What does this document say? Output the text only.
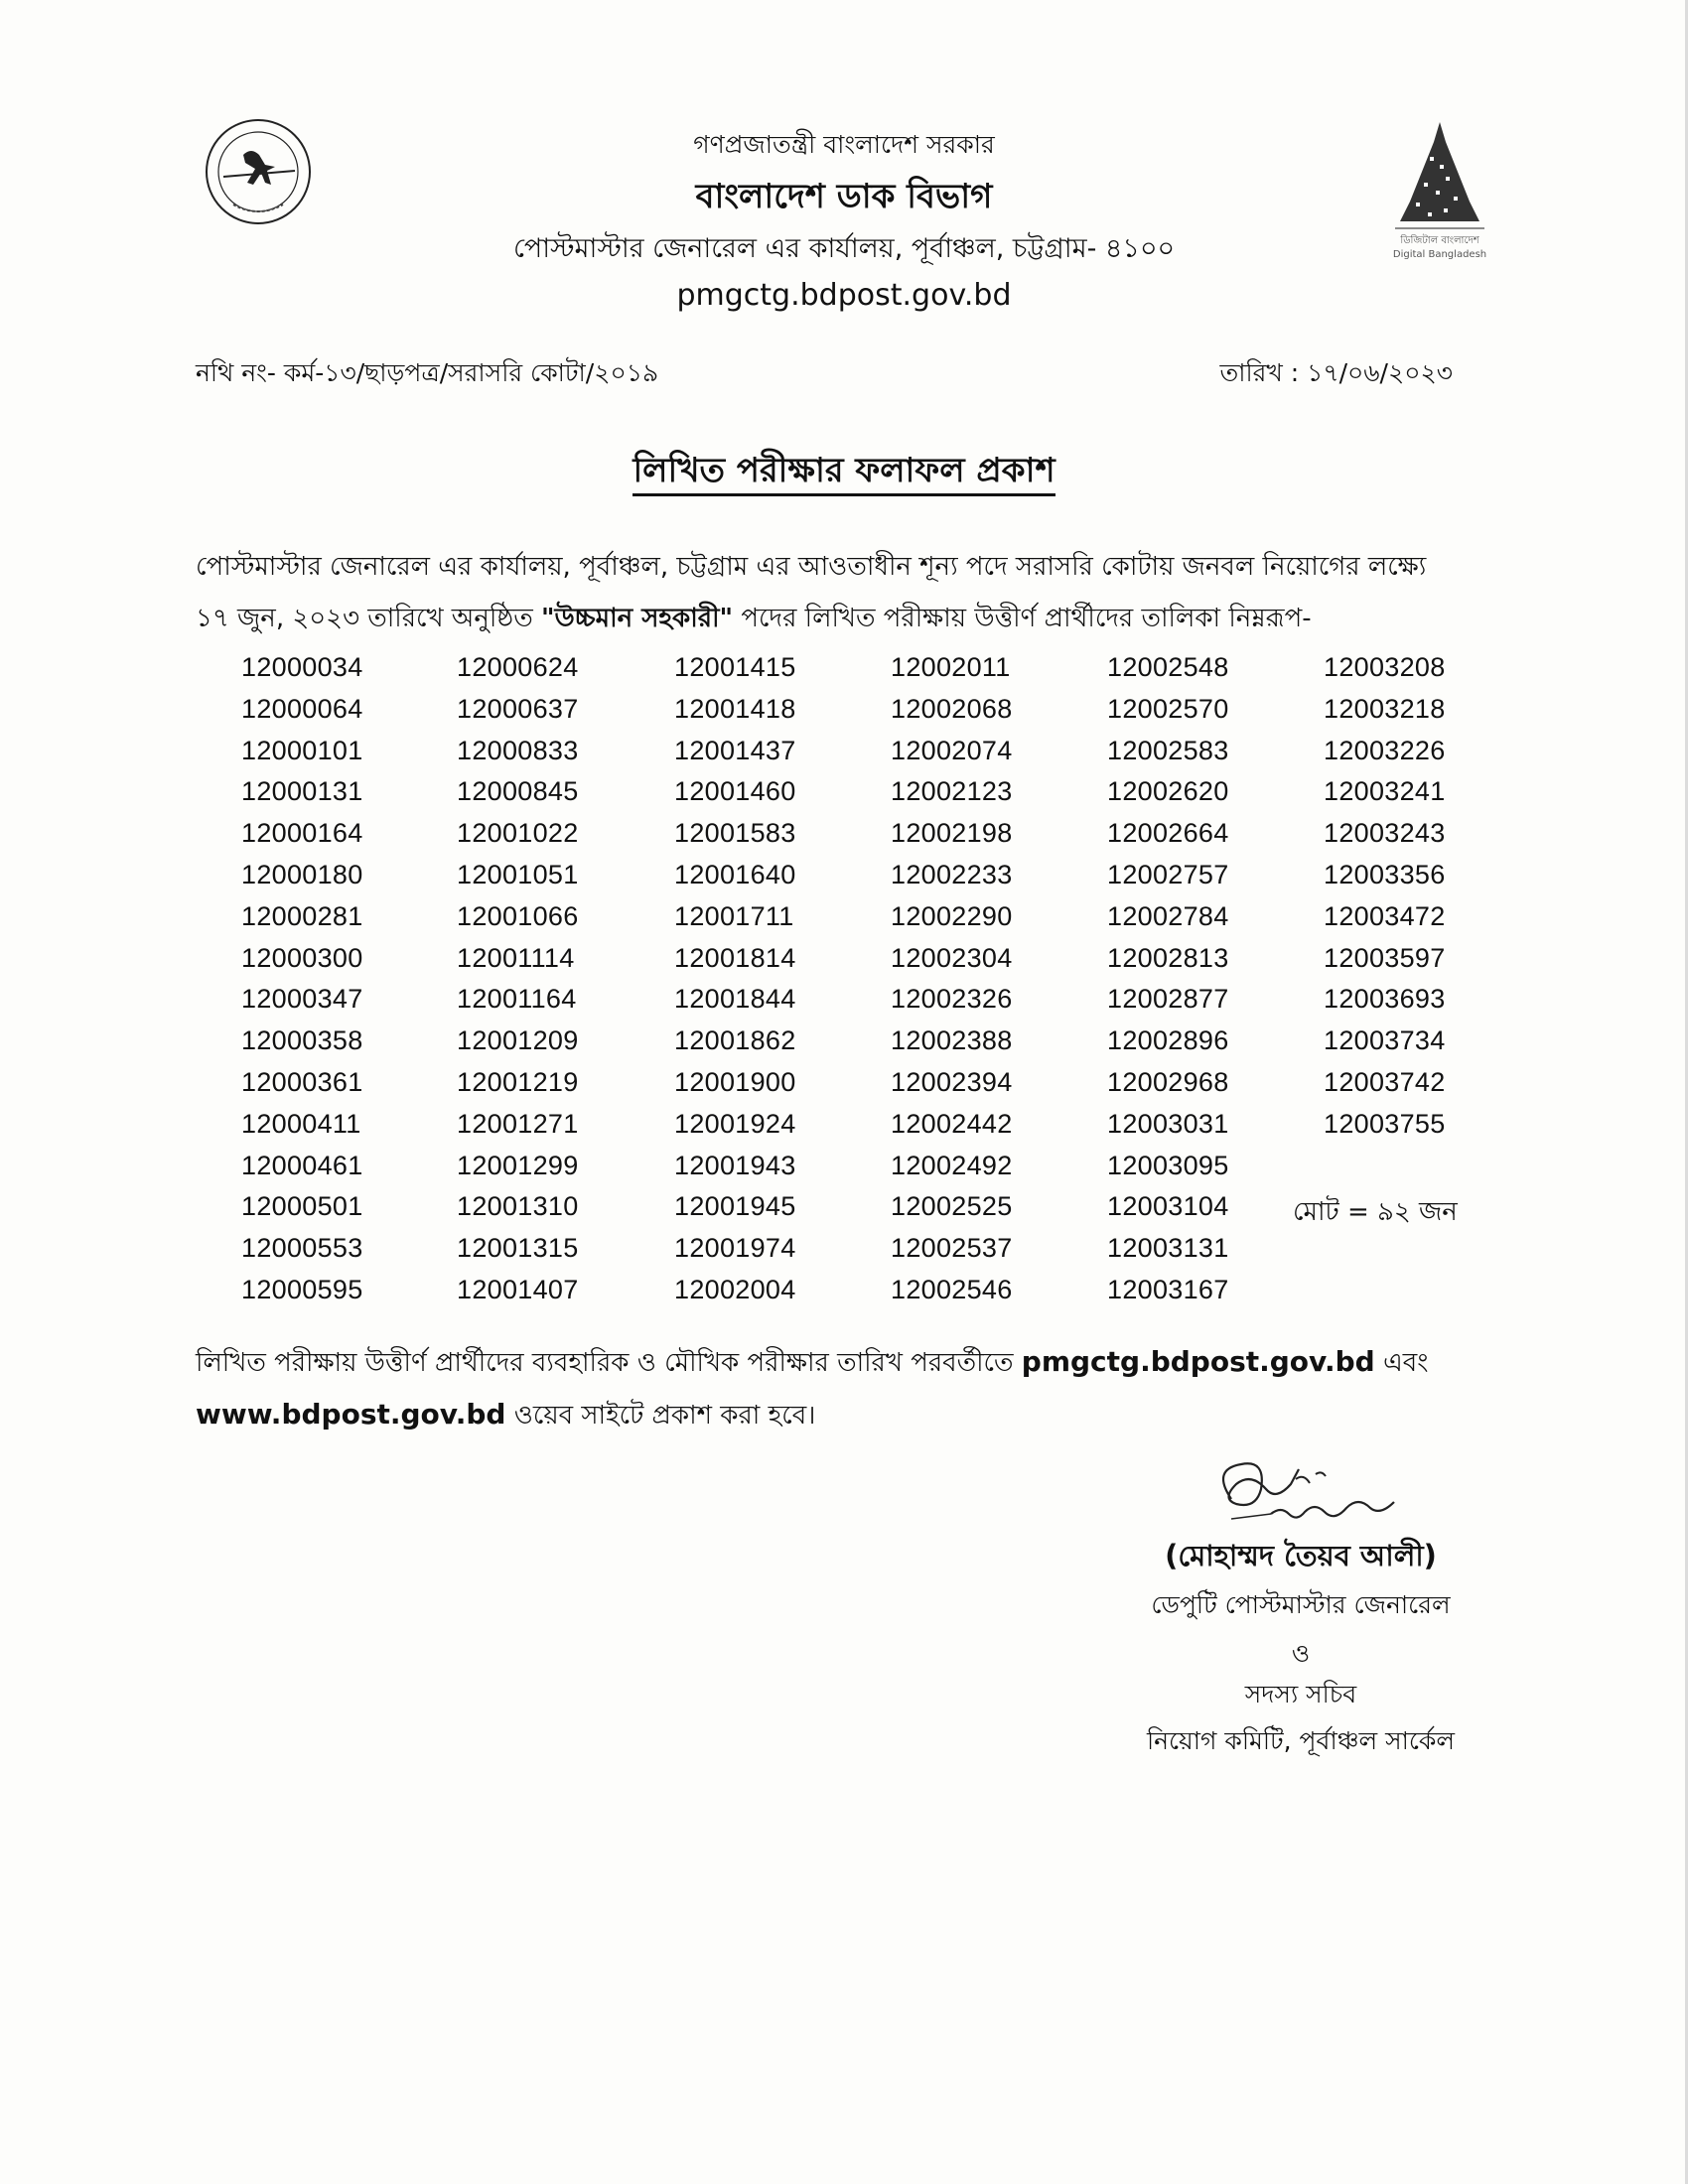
ডিজিটাল বাংলাদেশ
Digital Bangladesh
গণপ্রজাতন্ত্রী বাংলাদেশ সরকার
বাংলাদেশ ডাক বিভাগ
পোস্টমাস্টার জেনারেল এর কার্যালয়, পূর্বাঞ্চল, চট্টগ্রাম- ৪১০০
pmgctg.bdpost.gov.bd
নথি নং- কর্ম-১৩/ছাড়পত্র/সরাসরি কোটা/২০১৯	তারিখ : ১৭/০৬/২০২৩
লিখিত পরীক্ষার ফলাফল প্রকাশ
পোস্টমাস্টার জেনারেল এর কার্যালয়, পূর্বাঞ্চল, চট্টগ্রাম এর আওতাধীন শূন্য পদে সরাসরি কোটায় জনবল নিয়োগের লক্ষ্যে
১৭ জুন, ২০২৩ তারিখে অনুষ্ঠিত "উচ্চমান সহকারী" পদের লিখিত পরীক্ষায় উত্তীর্ণ প্রার্থীদের তালিকা নিম্নরূপ-
12000034
12000064
12000101
12000131
12000164
12000180
12000281
12000300
12000347
12000358
12000361
12000411
12000461
12000501
12000553
12000595
12000624
12000637
12000833
12000845
12001022
12001051
12001066
12001114
12001164
12001209
12001219
12001271
12001299
12001310
12001315
12001407
12001415
12001418
12001437
12001460
12001583
12001640
12001711
12001814
12001844
12001862
12001900
12001924
12001943
12001945
12001974
12002004
12002011
12002068
12002074
12002123
12002198
12002233
12002290
12002304
12002326
12002388
12002394
12002442
12002492
12002525
12002537
12002546
12002548
12002570
12002583
12002620
12002664
12002757
12002784
12002813
12002877
12002896
12002968
12003031
12003095
12003104
12003131
12003167
12003208
12003218
12003226
12003241
12003243
12003356
12003472
12003597
12003693
12003734
12003742
12003755
মোট = ৯২ জন
লিখিত পরীক্ষায় উত্তীর্ণ প্রার্থীদের ব্যবহারিক ও মৌখিক পরীক্ষার তারিখ পরবর্তীতে pmgctg.bdpost.gov.bd এবং
www.bdpost.gov.bd ওয়েব সাইটে প্রকাশ করা হবে।
(মোহাম্মদ তৈয়ব আলী)
ডেপুটি পোস্টমাস্টার জেনারেল
ও
সদস্য সচিব
নিয়োগ কমিটি, পূর্বাঞ্চল সার্কেল
